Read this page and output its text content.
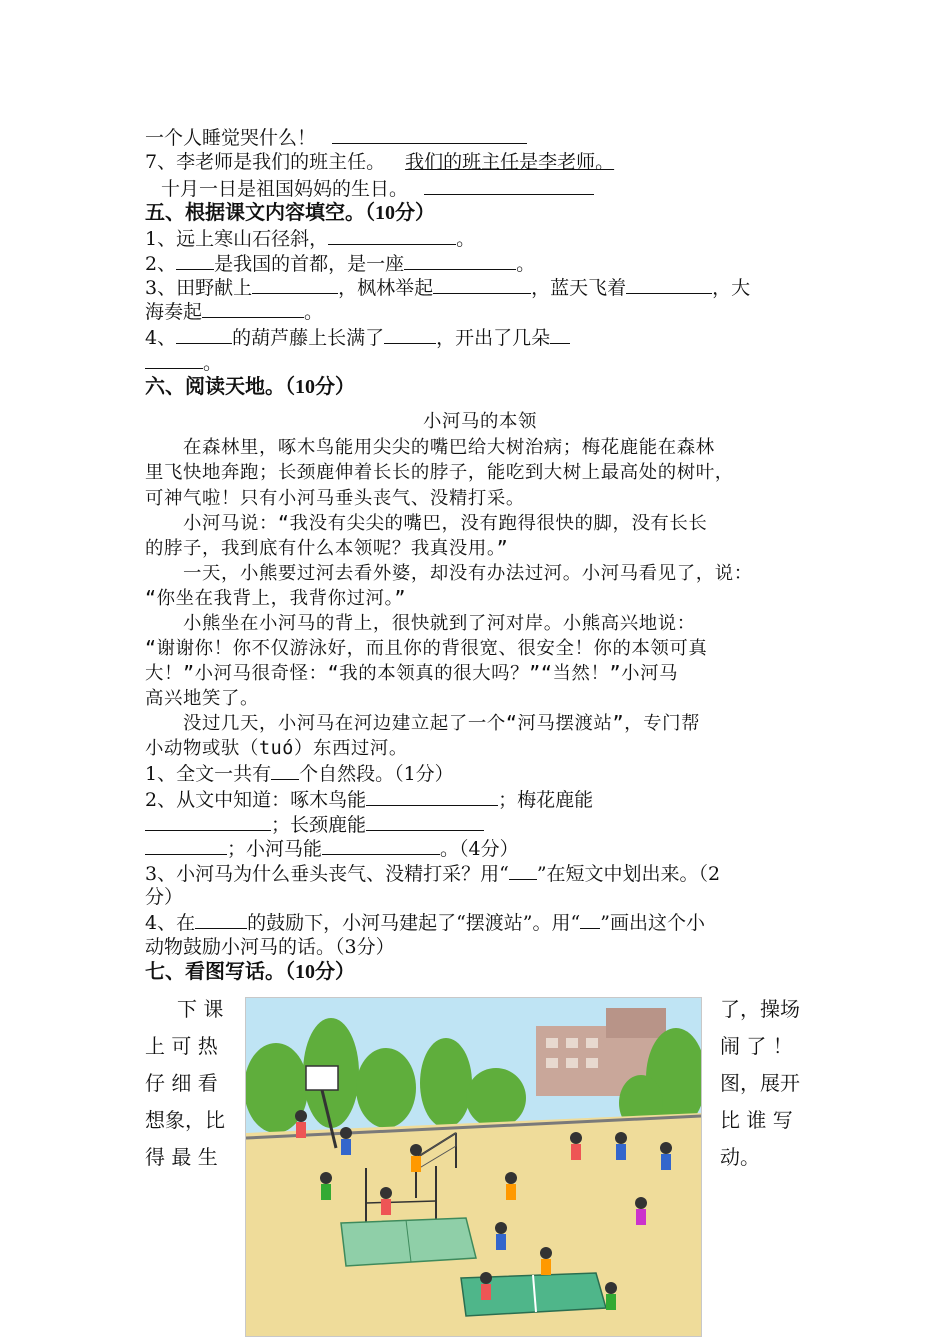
一个人睡觉哭什么！
7、李老师是我们的班主任。 我们的班主任是李老师。
十月一日是祖国妈妈的生日。
五、根据课文内容填空。（10分）
1、远上寒山石径斜，	。
2、 是我国的首都，是一座	。
3、田野献上	，枫林举起	，蓝天飞着	，大
海奏起	。
4、	的葫芦藤上长满了	，开出了几朵
。
六、阅读天地。（10分）
小河马的本领
　　在森林里，啄木鸟能用尖尖的嘴巴给大树治病；梅花鹿能在森林
里飞快地奔跑；长颈鹿伸着长长的脖子，能吃到大树上最高处的树叶，
可神气啦！只有小河马垂头丧气、没精打采。
　　小河马说：“我没有尖尖的嘴巴，没有跑得很快的脚，没有长长
的脖子，我到底有什么本领呢？我真没用。”
　　一天，小熊要过河去看外婆，却没有办法过河。小河马看见了，说：
“你坐在我背上，我背你过河。”
　　小熊坐在小河马的背上，很快就到了河对岸。小熊高兴地说：
“谢谢你！你不仅游泳好，而且你的背很宽、很安全！你的本领可真
大！”小河马很奇怪：“我的本领真的很大吗？”“当然！”小河马
高兴地笑了。
　　没过几天，小河马在河边建立起了一个“河马摆渡站”，专门帮
小动物或驮（tuó）东西过河。
1、全文一共有 个自然段。（1分）
2、从文中知道：啄木鸟能	；梅花鹿能
；长颈鹿能
；小河马能	。（4分）
3、小河马为什么垂头丧气、没精打采？用“ ”在短文中划出来。（2
分）
4、在	的鼓励下，小河马建起了“摆渡站”。用“ ”画出这个小
动物鼓励小河马的话。（3分）
七、看图写话。（10分）
下 课
上 可 热
仔 细 看
想象，比
得 最 生
了，操场
闹 了 ！
图，展开
比 谁 写
动。
